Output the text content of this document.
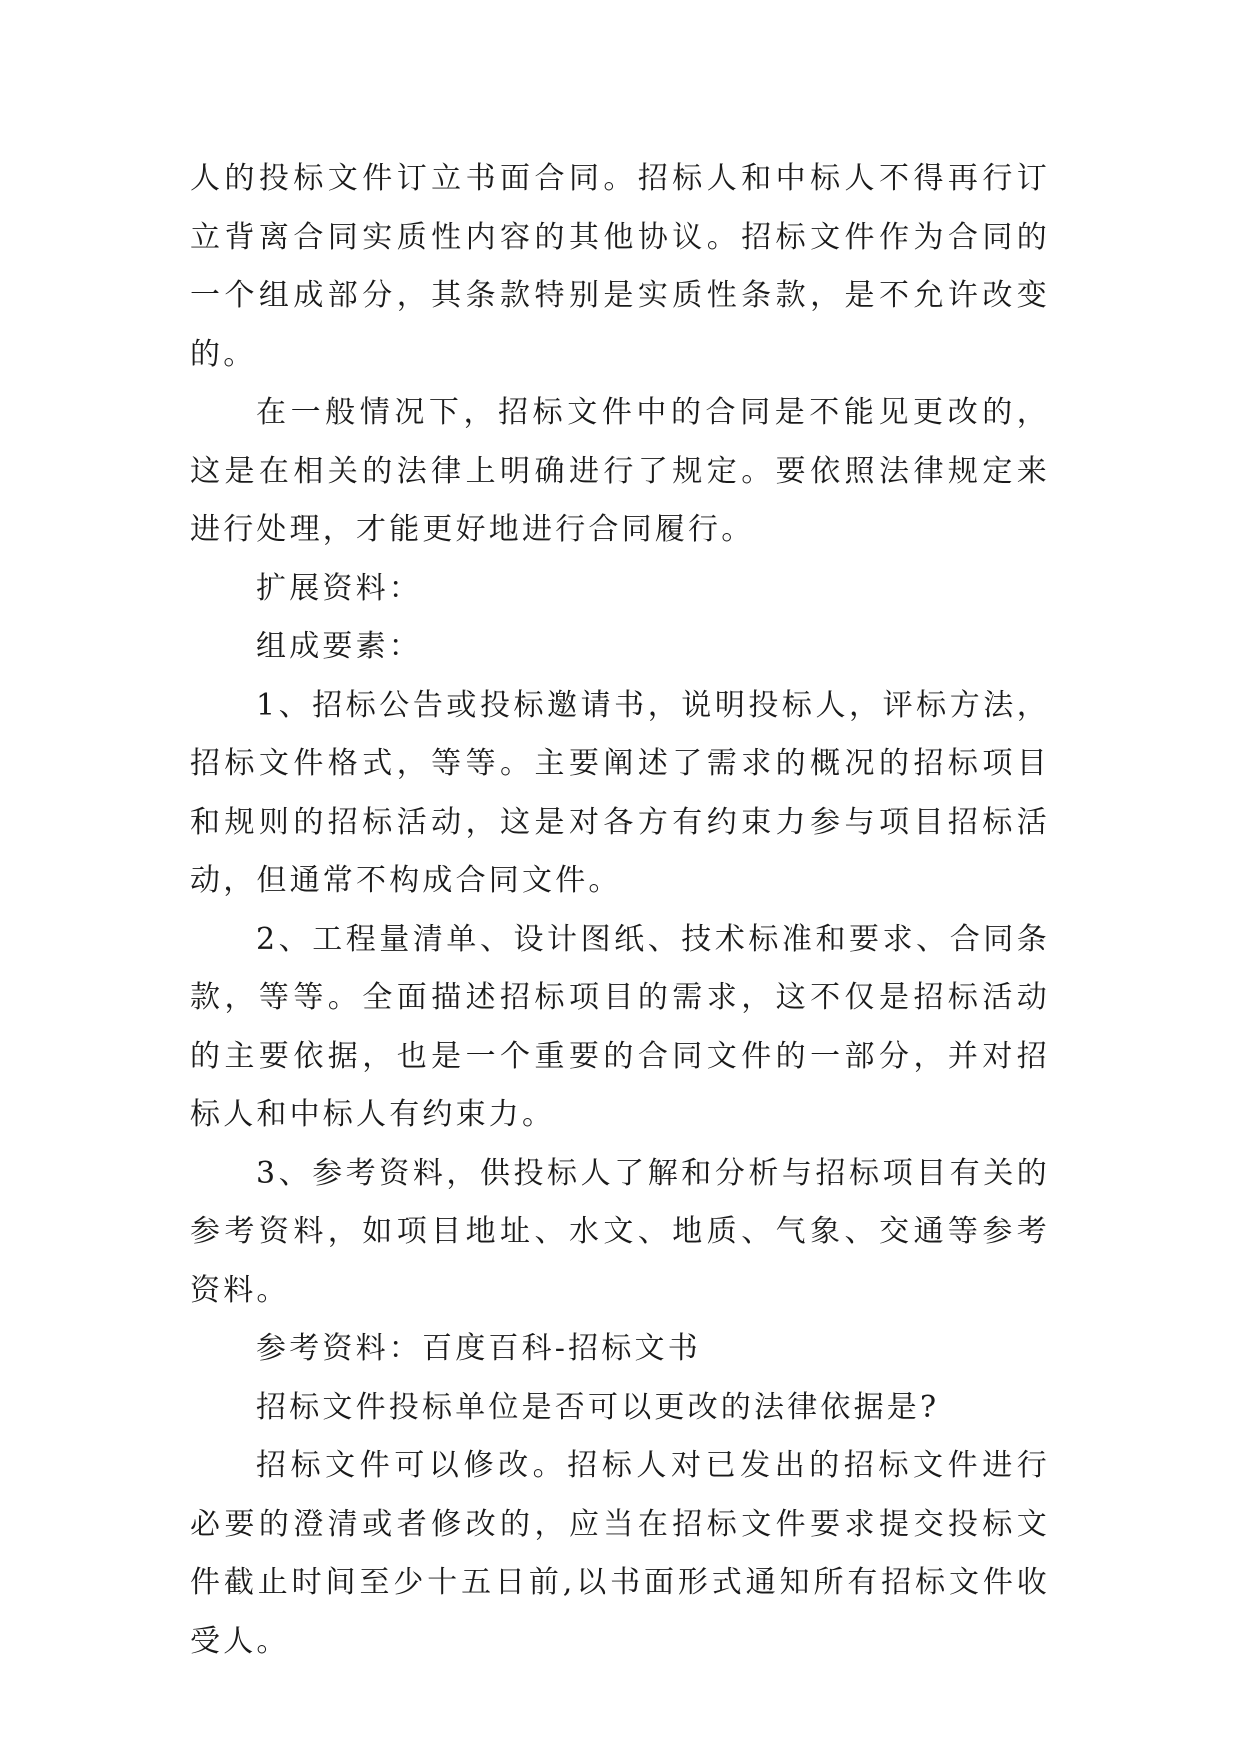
人的投标文件订立书面合同。招标人和中标人不得再行订立背离合同实质性内容的其他协议。招标文件作为合同的一个组成部分，其条款特别是实质性条款，是不允许改变的。

在一般情况下，招标文件中的合同是不能见更改的，这是在相关的法律上明确进行了规定。要依照法律规定来进行处理，才能更好地进行合同履行。

扩展资料：

组成要素：

1、招标公告或投标邀请书，说明投标人，评标方法，招标文件格式，等等。主要阐述了需求的概况的招标项目和规则的招标活动，这是对各方有约束力参与项目招标活动，但通常不构成合同文件。

2、工程量清单、设计图纸、技术标准和要求、合同条款，等等。全面描述招标项目的需求，这不仅是招标活动的主要依据，也是一个重要的合同文件的一部分，并对招标人和中标人有约束力。

3、参考资料，供投标人了解和分析与招标项目有关的参考资料，如项目地址、水文、地质、气象、交通等参考资料。

参考资料：百度百科-招标文书

招标文件投标单位是否可以更改的法律依据是?

招标文件可以修改。招标人对已发出的招标文件进行必要的澄清或者修改的，应当在招标文件要求提交投标文件截止时间至少十五日前,以书面形式通知所有招标文件收受人。
